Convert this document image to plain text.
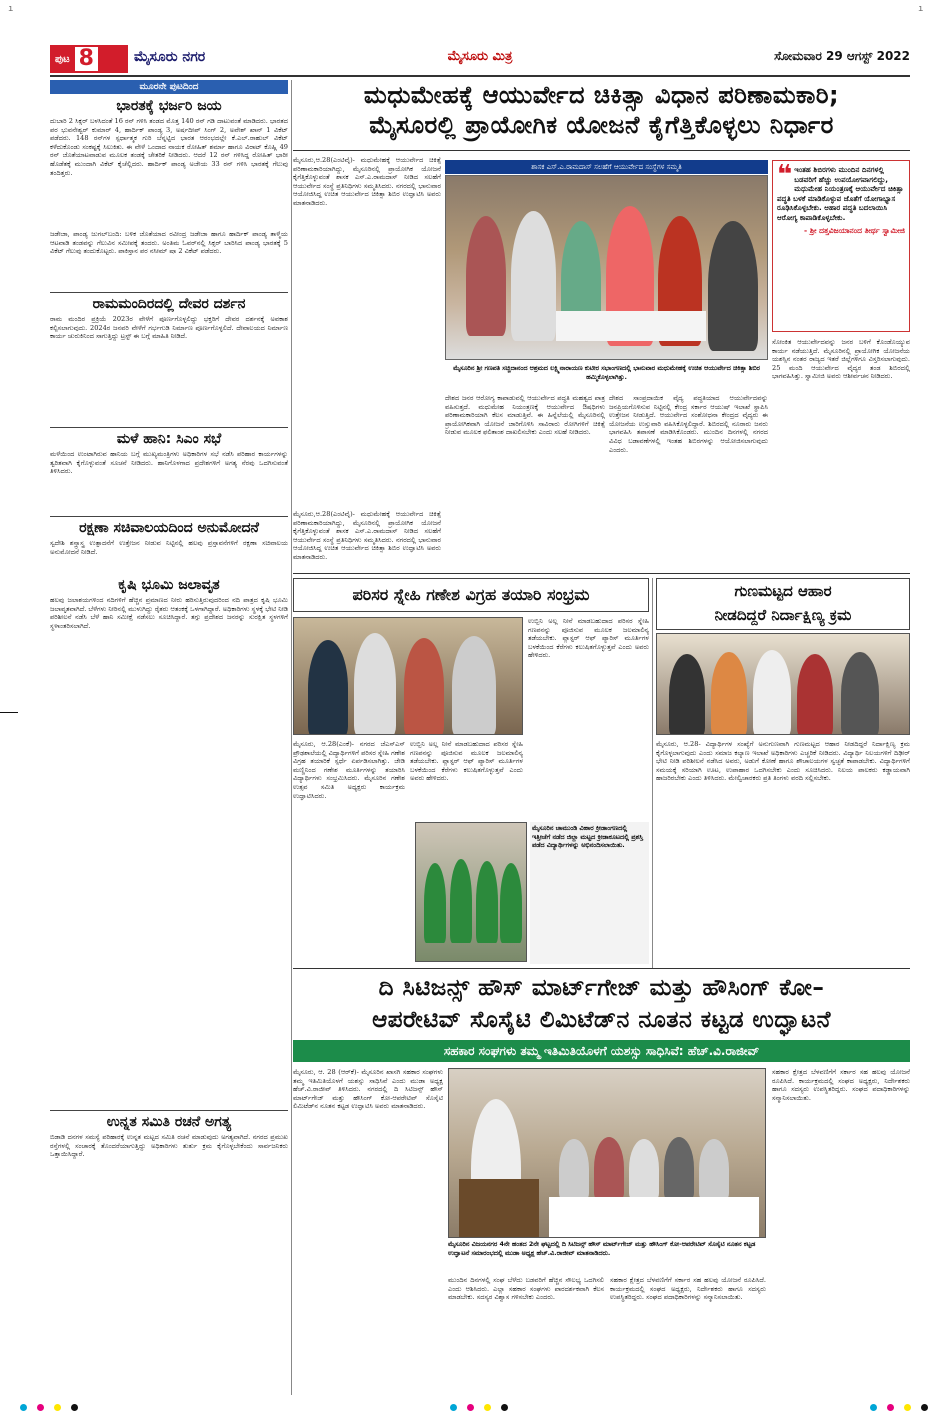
ı	ı
ಪುಟ 8	ಮೈಸೂರು ನಗರ	ಮೈಸೂರು ಮಿತ್ರ	ಸೋಮವಾರ 29 ಆಗಸ್ಟ್ 2022
ಮೂರನೇ ಪುಟದಿಂದ
ಭಾರತಕ್ಕೆ ಭರ್ಜರಿ ಜಯ
ದುಬಾರಿ 2 ಸಿಕ್ಸರ್ ಬಳಸಿದಂತೆ 16 ರನ್ ಗಳಿಸಿ ತಂಡದ ಮೊತ್ತ 140 ರನ್ ಗಡಿ ದಾಟುವಂತೆ ಮಾಡಿದರು. ಭಾರತದ ಪರ ಭುವನೇಶ್ವರ್ ಕುಮಾರ್ 4, ಹಾರ್ದಿಕ್ ಪಾಂಡ್ಯ 3, ಅರ್ಷದೀಪ್ ಸಿಂಗ್ 2, ಅವೇಶ್ ಖಾನ್ 1 ವಿಕೆಟ್ ಪಡೆದರು. 148 ರನ್‌ಗಳ ಸ್ಪರ್ಧಾತ್ಮಕ ಗುರಿ ಬೆನ್ನಟ್ಟಿದ ಭಾರತ ಆರಂಭದಲ್ಲೇ ಕೆ.ಎಲ್.ರಾಹುಲ್ ವಿಕೆಟ್ ಕಳೆದುಕೊಂಡು ಸಂಕಷ್ಟಕ್ಕೆ ಸಿಲುಕಿತು. ಈ ವೇಳೆ ಒಂದಾದ ನಾಯಕ ರೋಹಿತ್ ಶರ್ಮಾ ಹಾಗೂ ವಿರಾಟ್ ಕೊಹ್ಲಿ 49 ರನ್ ಜೊತೆಯಾಟವಾಡುವ ಮೂಲಕ ತಂಡಕ್ಕೆ ಚೇತರಿಕೆ ನೀಡಿದರು. ಆದರೆ 12 ರನ್ ಗಳಿಸಿದ್ದ ರೋಹಿತ್ ಭಾರೀ ಹೊಡೆತಕ್ಕೆ ಮುಂದಾಗಿ ವಿಕೆಟ್ ಕೈಚೆಲ್ಲಿದರು. ಹಾರ್ದಿಕ್ ಪಾಂಡ್ಯ ಅಜೇಯ 33 ರನ್ ಗಳಿಸಿ ಭಾರತಕ್ಕೆ ಗೆಲುವು ತಂದಿತ್ತರು.
ಜಡೇಜಾ, ಪಾಂಡ್ಯ ಜುಗಲ್‌ಬಂದಿ: ಬಳಿಕ ಜೊತೆಯಾದ ರವೀಂದ್ರ ಜಡೇಜಾ ಹಾಗೂ ಹಾರ್ದಿಕ್ ಪಾಂಡ್ಯ ತಾಳ್ಮೆಯ ಆಟವಾಡಿ ತಂಡವನ್ನು ಗೆಲುವಿನ ಸಮೀಪಕ್ಕೆ ತಂದರು. ಅಂತಿಮ ಓವರ್‌ನಲ್ಲಿ ಸಿಕ್ಸರ್ ಬಾರಿಸಿದ ಪಾಂಡ್ಯ ಭಾರತಕ್ಕೆ 5 ವಿಕೆಟ್ ಗೆಲುವು ತಂದುಕೊಟ್ಟರು. ಪಾಕಿಸ್ತಾನ ಪರ ನಸೀಮ್ ಷಾ 2 ವಿಕೆಟ್ ಪಡೆದರು.
ರಾಮಮಂದಿರದಲ್ಲಿ ದೇವರ ದರ್ಶನ
ರಾಮ ಮಂದಿರ ಪ್ರಕ್ರಿಯೆ 2023ರ ವೇಳೆಗೆ ಪೂರ್ಣಗೊಳ್ಳಲಿದ್ದು ಭಕ್ತರಿಗೆ ದೇವರ ದರ್ಶನಕ್ಕೆ ಅವಕಾಶ ಕಲ್ಪಿಸಲಾಗುವುದು. 2024ರ ಜನವರಿ ವೇಳೆಗೆ ಗರ್ಭಗುಡಿ ನಿರ್ಮಾಣ ಪೂರ್ಣಗೊಳ್ಳಲಿದೆ. ದೇವಾಲಯದ ನಿರ್ಮಾಣ ಕಾರ್ಯ ಚುರುಕಿನಿಂದ ಸಾಗುತ್ತಿದ್ದು ಟ್ರಸ್ಟ್ ಈ ಬಗ್ಗೆ ಮಾಹಿತಿ ನೀಡಿದೆ.
ಮಳೆ ಹಾನಿ: ಸಿಎಂ ಸಭೆ
ಮಳೆಯಿಂದ ಉಂಟಾಗಿರುವ ಹಾನಿಯ ಬಗ್ಗೆ ಮುಖ್ಯಮಂತ್ರಿಗಳು ಅಧಿಕಾರಿಗಳ ಸಭೆ ನಡೆಸಿ ಪರಿಹಾರ ಕಾರ್ಯಗಳನ್ನು ತ್ವರಿತವಾಗಿ ಕೈಗೊಳ್ಳುವಂತೆ ಸೂಚನೆ ನೀಡಿದರು. ಹಾನಿಗೊಳಗಾದ ಪ್ರದೇಶಗಳಿಗೆ ಅಗತ್ಯ ನೆರವು ಒದಗಿಸುವಂತೆ ತಿಳಿಸಿದರು.
ರಕ್ಷಣಾ ಸಚಿವಾಲಯದಿಂದ ಅನುಮೋದನೆ
ಸ್ವದೇಶಿ ಶಸ್ತ್ರಾಸ್ತ್ರ ಉತ್ಪಾದನೆಗೆ ಉತ್ತೇಜನ ನೀಡುವ ನಿಟ್ಟಿನಲ್ಲಿ ಹಲವು ಪ್ರಸ್ತಾವನೆಗಳಿಗೆ ರಕ್ಷಣಾ ಸಚಿವಾಲಯ ಅನುಮೋದನೆ ನೀಡಿದೆ.
ಕೃಷಿ ಭೂಮಿ ಜಲಾವೃತ
ಹಲವು ಜಲಾಶಯಗಳಿಂದ ನದಿಗಳಿಗೆ ಹೆಚ್ಚಿನ ಪ್ರಮಾಣದ ನೀರು ಹರಿಸುತ್ತಿರುವುದರಿಂದ ನದಿ ಪಾತ್ರದ ಕೃಷಿ ಭೂಮಿ ಜಲಾವೃತವಾಗಿದೆ. ಬೆಳೆಗಳು ನೀರಿನಲ್ಲಿ ಮುಳುಗಿದ್ದು ರೈತರು ಆತಂಕಕ್ಕೆ ಒಳಗಾಗಿದ್ದಾರೆ. ಅಧಿಕಾರಿಗಳು ಸ್ಥಳಕ್ಕೆ ಭೇಟಿ ನೀಡಿ ಪರಿಶೀಲನೆ ನಡೆಸಿ ಬೆಳೆ ಹಾನಿ ಸಮೀಕ್ಷೆ ನಡೆಸಲು ಸೂಚಿಸಿದ್ದಾರೆ. ತಗ್ಗು ಪ್ರದೇಶದ ಜನರನ್ನು ಸುರಕ್ಷಿತ ಸ್ಥಳಗಳಿಗೆ ಸ್ಥಳಾಂತರಿಸಲಾಗಿದೆ.
ಉನ್ನತ ಸಮಿತಿ ರಚನೆ ಅಗತ್ಯ
ಬಿಡಾಡಿ ದನಗಳ ಸಮಸ್ಯೆ ಪರಿಹಾರಕ್ಕೆ ಉನ್ನತ ಮಟ್ಟದ ಸಮಿತಿ ರಚನೆ ಮಾಡುವುದು ಅಗತ್ಯವಾಗಿದೆ. ನಗರದ ಪ್ರಮುಖ ರಸ್ತೆಗಳಲ್ಲಿ ಸಂಚಾರಕ್ಕೆ ತೊಂದರೆಯಾಗುತ್ತಿದ್ದು ಅಧಿಕಾರಿಗಳು ತುರ್ತು ಕ್ರಮ ಕೈಗೊಳ್ಳಬೇಕೆಂದು ಸಾರ್ವಜನಿಕರು ಒತ್ತಾಯಿಸಿದ್ದಾರೆ.
ಮಧುಮೇಹಕ್ಕೆ ಆಯುರ್ವೇದ ಚಿಕಿತ್ಸಾ ವಿಧಾನ ಪರಿಣಾಮಕಾರಿ;
ಮೈಸೂರಲ್ಲಿ ಪ್ರಾಯೋಗಿಕ ಯೋಜನೆ ಕೈಗೆತ್ತಿಕೊಳ್ಳಲು ನಿರ್ಧಾರ
ಮೈಸೂರು,ಆ.28(ಎಂಟಿವೈ)- ಮಧುಮೇಹಕ್ಕೆ ಆಯುರ್ವೇದ ಚಿಕಿತ್ಸೆ ಪರಿಣಾಮಕಾರಿಯಾಗಿದ್ದು, ಮೈಸೂರಿನಲ್ಲಿ ಪ್ರಾಯೋಗಿಕ ಯೋಜನೆ ಕೈಗೆತ್ತಿಕೊಳ್ಳುವಂತೆ ಶಾಸಕ ಎಸ್.ಎ.ರಾಮದಾಸ್ ನೀಡಿದ ಸಲಹೆಗೆ ಆಯುರ್ವೇದ ಸಂಸ್ಥೆ ಪ್ರತಿನಿಧಿಗಳು ಸಮ್ಮತಿಸಿದರು. ನಗರದಲ್ಲಿ ಭಾನುವಾರ ಆಯೋಜಿಸಿದ್ದ ಉಚಿತ ಆಯುರ್ವೇದ ಚಿಕಿತ್ಸಾ ಶಿಬಿರ ಉದ್ಘಾಟಿಸಿ ಅವರು ಮಾತನಾಡಿದರು.
ಶಾಸಕ ಎಸ್.ಎ.ರಾಮದಾಸ್ ಸಲಹೆಗೆ ಆಯುರ್ವೇದ ಸಂಸ್ಥೆಗಳ ಸಮ್ಮತಿ
ಮೈಸೂರಿನ ಶ್ರೀ ಗಣಪತಿ ಸಚ್ಚಿದಾನಂದ ಆಶ್ರಮದ ಲಕ್ಷ್ಮಿನಾರಾಯಣ ಕುಟೀರ ಸಭಾಂಗಣದಲ್ಲಿ ಭಾನುವಾರ ಮಧುಮೇಹಕ್ಕೆ ಉಚಿತ ಆಯುರ್ವೇದ ಚಿಕಿತ್ಸಾ ಶಿಬಿರ ಹಮ್ಮಿಕೊಳ್ಳಲಾಗಿತ್ತು.
❝ ಇಂತಹ ಶಿಬಿರಗಳು ಮುಂದಿನ ದಿನಗಳಲ್ಲಿ ಬಡವರಿಗೆ ಹೆಚ್ಚು ಉಪಯೋಗವಾಗಲಿದ್ದು, ಮಧುಮೇಹ ನಿಯಂತ್ರಣಕ್ಕೆ ಆಯುರ್ವೇದ ಚಿಕಿತ್ಸಾ ಪದ್ಧತಿ ಬಳಕೆ ಮಾಡಿಕೊಳ್ಳುವ ಜೊತೆಗೆ ಯೋಗಾಭ್ಯಾಸ ರೂಢಿಸಿಕೊಳ್ಳಬೇಕು. ಆಹಾರ ಪದ್ಧತಿ ಬದಲಾಯಿಸಿ ಆರೋಗ್ಯ ಕಾಪಾಡಿಕೊಳ್ಳಬೇಕು.
- ಶ್ರೀ ದತ್ತವಿಜಯಾನಂದ ತೀರ್ಥ ಸ್ವಾಮೀಜಿ
ಸೋಂಕಿತ ಆಯುರ್ವೇದವನ್ನು ಜನರ ಬಳಿಗೆ ಕೊಂಡೊಯ್ಯುವ ಕಾರ್ಯ ನಡೆಯುತ್ತಿದೆ. ಮೈಸೂರಿನಲ್ಲಿ ಪ್ರಾಯೋಗಿಕ ಯೋಜನೆಯ ಯಶಸ್ಸಿನ ನಂತರ ರಾಜ್ಯದ ಇತರೆ ಜಿಲ್ಲೆಗಳಿಗೂ ವಿಸ್ತರಿಸಲಾಗುವುದು. 25 ಮಂದಿ ಆಯುರ್ವೇದ ವೈದ್ಯರ ತಂಡ ಶಿಬಿರದಲ್ಲಿ ಭಾಗವಹಿಸಿತ್ತು. ಸ್ವಾಮೀಜಿ ಅವರು ಆಶೀರ್ವಚನ ನೀಡಿದರು.
ದೇಶದ ಜನರ ಆರೋಗ್ಯ ಕಾಪಾಡುವಲ್ಲಿ ಆಯುರ್ವೇದ ಪದ್ಧತಿ ಮಹತ್ವದ ಪಾತ್ರ ವಹಿಸುತ್ತದೆ. ಮಧುಮೇಹ ನಿಯಂತ್ರಣಕ್ಕೆ ಆಯುರ್ವೇದ ಔಷಧಿಗಳು ಪರಿಣಾಮಕಾರಿಯಾಗಿ ಕೆಲಸ ಮಾಡುತ್ತಿವೆ. ಈ ಹಿನ್ನೆಲೆಯಲ್ಲಿ ಮೈಸೂರಿನಲ್ಲಿ ಪ್ರಾಯೋಗಿಕವಾಗಿ ಯೋಜನೆ ಜಾರಿಗೊಳಿಸಿ ಸಾವಿರಾರು ರೋಗಿಗಳಿಗೆ ಚಿಕಿತ್ಸೆ ನೀಡುವ ಮೂಲಕ ಫಲಿತಾಂಶ ದಾಖಲಿಸಬೇಕು ಎಂದು ಸಲಹೆ ನೀಡಿದರು.
ದೇಶದ ಸಾಂಪ್ರದಾಯಿಕ ವೈದ್ಯ ಪದ್ಧತಿಯಾದ ಆಯುರ್ವೇದವನ್ನು ಜನಪ್ರಿಯಗೊಳಿಸುವ ನಿಟ್ಟಿನಲ್ಲಿ ಕೇಂದ್ರ ಸರ್ಕಾರ ಆಯುಷ್ ಇಲಾಖೆ ಸ್ಥಾಪಿಸಿ ಉತ್ತೇಜನ ನೀಡುತ್ತಿದೆ. ಆಯುರ್ವೇದ ಸಂಶೋಧನಾ ಕೇಂದ್ರದ ವೈದ್ಯರು ಈ ಯೋಜನೆಯ ಉಸ್ತುವಾರಿ ವಹಿಸಿಕೊಳ್ಳಲಿದ್ದಾರೆ. ಶಿಬಿರದಲ್ಲಿ ನೂರಾರು ಜನರು ಭಾಗವಹಿಸಿ ತಪಾಸಣೆ ಮಾಡಿಸಿಕೊಂಡರು. ಮುಂದಿನ ದಿನಗಳಲ್ಲಿ ನಗರದ ವಿವಿಧ ಬಡಾವಣೆಗಳಲ್ಲಿ ಇಂತಹ ಶಿಬಿರಗಳನ್ನು ಆಯೋಜಿಸಲಾಗುವುದು ಎಂದರು.
ಮೈಸೂರು,ಆ.28(ಎಂಟಿವೈ)- ಮಧುಮೇಹಕ್ಕೆ ಆಯುರ್ವೇದ ಚಿಕಿತ್ಸೆ ಪರಿಣಾಮಕಾರಿಯಾಗಿದ್ದು, ಮೈಸೂರಿನಲ್ಲಿ ಪ್ರಾಯೋಗಿಕ ಯೋಜನೆ ಕೈಗೆತ್ತಿಕೊಳ್ಳುವಂತೆ ಶಾಸಕ ಎಸ್.ಎ.ರಾಮದಾಸ್ ನೀಡಿದ ಸಲಹೆಗೆ ಆಯುರ್ವೇದ ಸಂಸ್ಥೆ ಪ್ರತಿನಿಧಿಗಳು ಸಮ್ಮತಿಸಿದರು. ನಗರದಲ್ಲಿ ಭಾನುವಾರ ಆಯೋಜಿಸಿದ್ದ ಉಚಿತ ಆಯುರ್ವೇದ ಚಿಕಿತ್ಸಾ ಶಿಬಿರ ಉದ್ಘಾಟಿಸಿ ಅವರು ಮಾತನಾಡಿದರು.
ಪರಿಸರ ಸ್ನೇಹಿ ಗಣೇಶ ವಿಗ್ರಹ ತಯಾರಿ ಸಂಭ್ರಮ
ಮೈಸೂರು, ಆ.28(ಎಂಕೆ)- ನಗರದ ಜೆಎಸ್‌ಎಸ್ ಪ್ರೌಢಶಾಲೆಯಲ್ಲಿ ವಿದ್ಯಾರ್ಥಿಗಳಿಗೆ ಪರಿಸರ ಸ್ನೇಹಿ ಗಣೇಶ ವಿಗ್ರಹ ತಯಾರಿಕೆ ಸ್ಪರ್ಧೆ ಏರ್ಪಡಿಸಲಾಗಿತ್ತು. ಜೇಡಿ ಮಣ್ಣಿನಿಂದ ಗಣೇಶ ಮೂರ್ತಿಗಳನ್ನು ತಯಾರಿಸಿ ವಿದ್ಯಾರ್ಥಿಗಳು ಸಂಭ್ರಮಿಸಿದರು. ಮೈಸೂರಿನ ಗಣೇಶ ಉತ್ಸವ ಸಮಿತಿ ಅಧ್ಯಕ್ಷರು ಕಾರ್ಯಕ್ರಮ ಉದ್ಘಾಟಿಸಿದರು.
ಉಬ್ಬಿನಿ ಅಲ್ಲ ನೀನೆ ಮಾಡಬಹುದಾದ ಪರಿಸರ ಸ್ನೇಹಿ ಗಣಪನನ್ನು ಪೂಜಿಸುವ ಮೂಲಕ ಜಲಮಾಲಿನ್ಯ ತಡೆಯಬೇಕು. ಪ್ಲಾಸ್ಟರ್ ಆಫ್ ಪ್ಯಾರಿಸ್ ಮೂರ್ತಿಗಳ ಬಳಕೆಯಿಂದ ಕೆರೆಗಳು ಕಲುಷಿತಗೊಳ್ಳುತ್ತವೆ ಎಂದು ಅವರು ಹೇಳಿದರು.
ಉಬ್ಬಿನಿ ಅಲ್ಲ ನೀನೆ ಮಾಡಬಹುದಾದ ಪರಿಸರ ಸ್ನೇಹಿ ಗಣಪನನ್ನು ಪೂಜಿಸುವ ಮೂಲಕ ಜಲಮಾಲಿನ್ಯ ತಡೆಯಬೇಕು. ಪ್ಲಾಸ್ಟರ್ ಆಫ್ ಪ್ಯಾರಿಸ್ ಮೂರ್ತಿಗಳ ಬಳಕೆಯಿಂದ ಕೆರೆಗಳು ಕಲುಷಿತಗೊಳ್ಳುತ್ತವೆ ಎಂದು ಅವರು ಹೇಳಿದರು.
ಮೈಸೂರಿನ ಚಾಮುಂಡಿ ವಿಹಾರ ಕ್ರೀಡಾಂಗಣದಲ್ಲಿ ಇತ್ತೀಚೆಗೆ ನಡೆದ ಜಿಲ್ಲಾ ಮಟ್ಟದ ಕ್ರೀಡಾಕೂಟದಲ್ಲಿ ಪ್ರಶಸ್ತಿ ಪಡೆದ ವಿದ್ಯಾರ್ಥಿಗಳನ್ನು ಅಭಿನಂದಿಸಲಾಯಿತು.
ಗುಣಮಟ್ಟದ ಆಹಾರ
ನೀಡದಿದ್ದರೆ ನಿರ್ದಾಕ್ಷಿಣ್ಯ ಕ್ರಮ
ಮೈಸೂರು, ಆ.28- ವಿದ್ಯಾರ್ಥಿಗಳ ಸಂಖ್ಯೆಗೆ ಅನುಗುಣವಾಗಿ ಗುಣಮಟ್ಟದ ಆಹಾರ ನೀಡದಿದ್ದರೆ ನಿರ್ದಾಕ್ಷಿಣ್ಯ ಕ್ರಮ ಕೈಗೊಳ್ಳಲಾಗುವುದು ಎಂದು ಸಮಾಜ ಕಲ್ಯಾಣ ಇಲಾಖೆ ಅಧಿಕಾರಿಗಳು ಎಚ್ಚರಿಕೆ ನೀಡಿದರು. ವಿದ್ಯಾರ್ಥಿ ನಿಲಯಗಳಿಗೆ ದಿಢೀರ್ ಭೇಟಿ ನೀಡಿ ಪರಿಶೀಲನೆ ನಡೆಸಿದ ಅವರು, ಅಡುಗೆ ಕೋಣೆ ಹಾಗೂ ಶೌಚಾಲಯಗಳ ಸ್ವಚ್ಛತೆ ಕಾಪಾಡಬೇಕು. ವಿದ್ಯಾರ್ಥಿಗಳಿಗೆ ಸಮಯಕ್ಕೆ ಸರಿಯಾಗಿ ಊಟ, ಉಪಾಹಾರ ಒದಗಿಸಬೇಕು ಎಂದು ಸೂಚಿಸಿದರು. ನಿಲಯ ಪಾಲಕರು ಕಡ್ಡಾಯವಾಗಿ ಹಾಜರಿರಬೇಕು ಎಂದು ತಿಳಿಸಿದರು. ಮೇಲ್ವಿಚಾರಕರು ಪ್ರತಿ ತಿಂಗಳು ವರದಿ ಸಲ್ಲಿಸಬೇಕು.
ದಿ ಸಿಟಿಜನ್ಸ್ ಹೌಸ್ ಮಾರ್ಟ್‌ಗೇಜ್ ಮತ್ತು ಹೌಸಿಂಗ್ ಕೋ–
ಆಪರೇಟಿವ್ ಸೊಸೈಟಿ ಲಿಮಿಟೆಡ್‌ನ ನೂತನ ಕಟ್ಟಡ ಉದ್ಘಾಟನೆ
ಸಹಕಾರ ಸಂಘಗಳು ತಮ್ಮ ಇತಿಮಿತಿಯೊಳಗೆ ಯಶಸ್ಸು ಸಾಧಿಸಿವೆ: ಹೆಚ್.ವಿ.ರಾಜೀವ್
ಮೈಸೂರು, ಆ. 28 (ಆರ್‌ಕೆ)- ಮೈಸೂರಿನ ಖಾಸಗಿ ಸಹಕಾರ ಸಂಘಗಳು ತಮ್ಮ ಇತಿಮಿತಿಯೊಳಗೆ ಯಶಸ್ಸು ಸಾಧಿಸಿವೆ ಎಂದು ಮುಡಾ ಅಧ್ಯಕ್ಷ ಹೆಚ್.ವಿ.ರಾಜೀವ್ ತಿಳಿಸಿದರು. ನಗರದಲ್ಲಿ ದಿ ಸಿಟಿಜನ್ಸ್ ಹೌಸ್ ಮಾರ್ಟ್‌ಗೇಜ್ ಮತ್ತು ಹೌಸಿಂಗ್ ಕೋ-ಆಪರೇಟಿವ್ ಸೊಸೈಟಿ ಲಿಮಿಟೆಡ್‌ನ ನೂತನ ಕಟ್ಟಡ ಉದ್ಘಾಟಿಸಿ ಅವರು ಮಾತನಾಡಿದರು.
ಮೈಸೂರಿನ ವಿಜಯನಗರ 4ನೇ ಹಂತದ 2ನೇ ಘಟ್ಟದಲ್ಲಿ ದಿ ಸಿಟಿಜನ್ಸ್ ಹೌಸ್ ಮಾರ್ಟ್‌ಗೇಜ್ ಮತ್ತು ಹೌಸಿಂಗ್ ಕೋ-ಆಪರೇಟಿವ್ ಸೊಸೈಟಿ ನೂತನ ಕಟ್ಟಡ ಉದ್ಘಾಟನೆ ಸಮಾರಂಭದಲ್ಲಿ ಮುಡಾ ಅಧ್ಯಕ್ಷ ಹೆಚ್.ವಿ.ರಾಜೀವ್ ಮಾತನಾಡಿದರು.
ಮುಂದಿನ ದಿನಗಳಲ್ಲಿ ಸಂಘ ಬೆಳೆದು ಬಡವರಿಗೆ ಹೆಚ್ಚಿನ ಸೌಲಭ್ಯ ಒದಗಿಸಲಿ ಎಂದು ಆಶಿಸಿದರು. ಎಲ್ಲಾ ಸಹಕಾರ ಸಂಘಗಳು ಪಾರದರ್ಶಕವಾಗಿ ಕೆಲಸ ಮಾಡಬೇಕು. ಸದಸ್ಯರ ವಿಶ್ವಾಸ ಗಳಿಸಬೇಕು ಎಂದರು.
ಸಹಕಾರ ಕ್ಷೇತ್ರದ ಬೆಳವಣಿಗೆಗೆ ಸರ್ಕಾರ ಸಹ ಹಲವು ಯೋಜನೆ ರೂಪಿಸಿದೆ. ಕಾರ್ಯಕ್ರಮದಲ್ಲಿ ಸಂಘದ ಅಧ್ಯಕ್ಷರು, ನಿರ್ದೇಶಕರು ಹಾಗೂ ಸದಸ್ಯರು ಉಪಸ್ಥಿತರಿದ್ದರು. ಸಂಘದ ಪದಾಧಿಕಾರಿಗಳನ್ನು ಸನ್ಮಾನಿಸಲಾಯಿತು.
ಸಹಕಾರ ಕ್ಷೇತ್ರದ ಬೆಳವಣಿಗೆಗೆ ಸರ್ಕಾರ ಸಹ ಹಲವು ಯೋಜನೆ ರೂಪಿಸಿದೆ. ಕಾರ್ಯಕ್ರಮದಲ್ಲಿ ಸಂಘದ ಅಧ್ಯಕ್ಷರು, ನಿರ್ದೇಶಕರು ಹಾಗೂ ಸದಸ್ಯರು ಉಪಸ್ಥಿತರಿದ್ದರು. ಸಂಘದ ಪದಾಧಿಕಾರಿಗಳನ್ನು ಸನ್ಮಾನಿಸಲಾಯಿತು.
